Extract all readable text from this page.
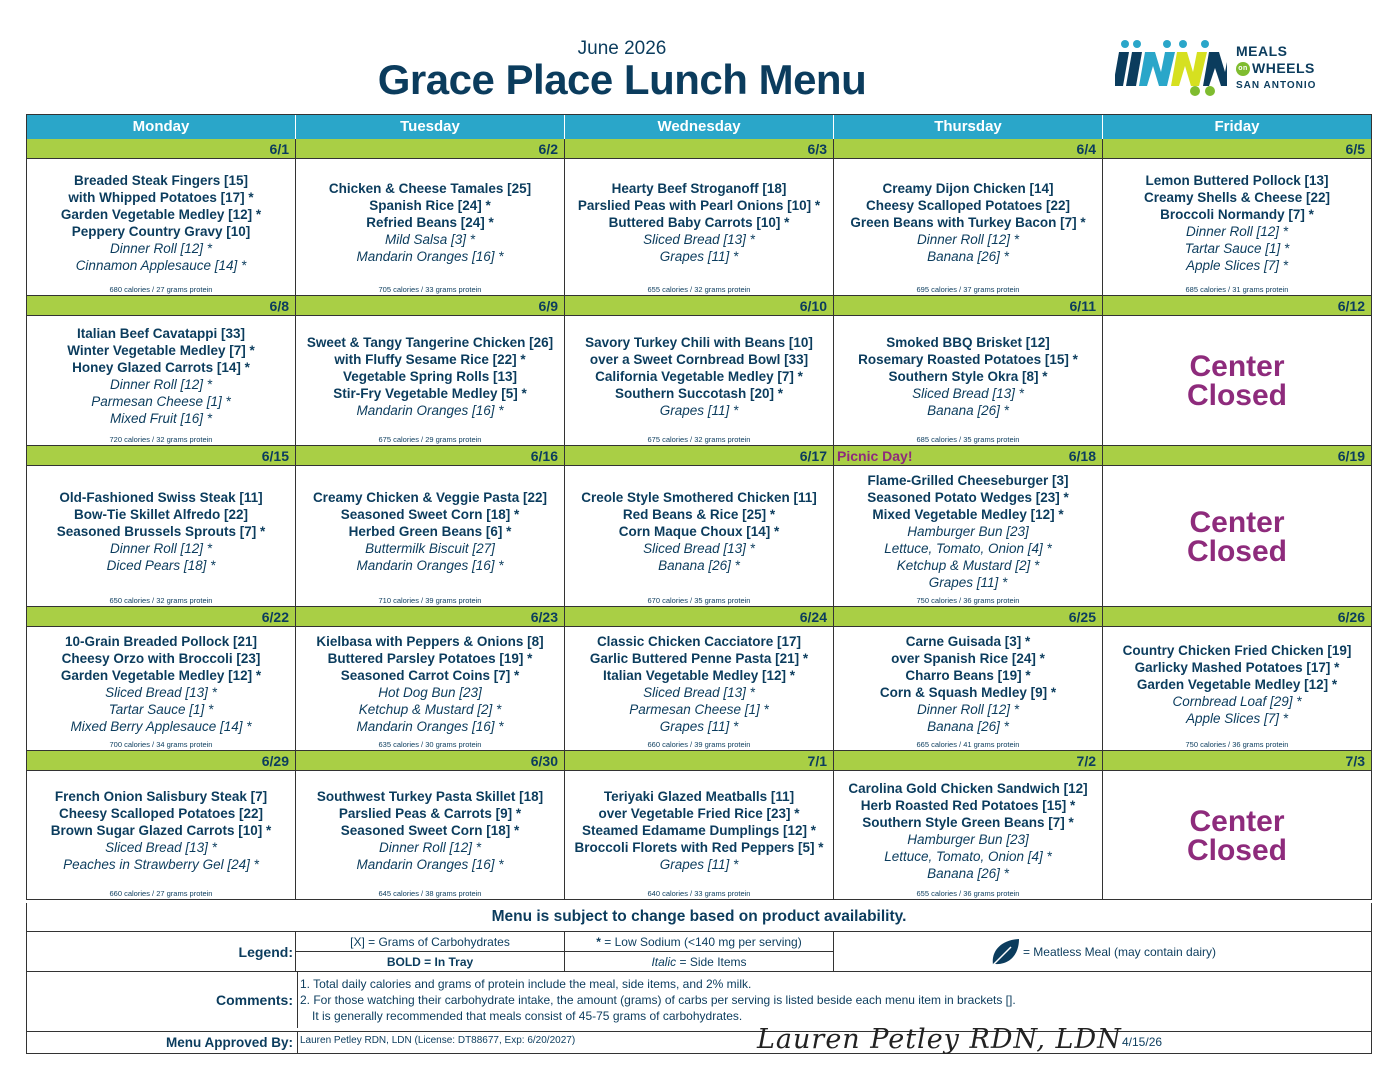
June 2026
Grace Place Lunch Menu
MEALS
on WHEELS
SAN ANTONIO
Monday	Tuesday	Wednesday	Thursday	Friday
6/1
Breaded Steak Fingers [15]
with Whipped Potatoes [17] *
Garden Vegetable Medley [12] *
Peppery Country Gravy [10]
Dinner Roll [12] *
Cinnamon Applesauce [14] *
680 calories / 27 grams protein
6/2
Chicken & Cheese Tamales [25]
Spanish Rice [24] *
Refried Beans [24] *
Mild Salsa [3] *
Mandarin Oranges [16] *
705 calories / 33 grams protein
6/3
Hearty Beef Stroganoff [18]
Parslied Peas with Pearl Onions [10] *
Buttered Baby Carrots [10] *
Sliced Bread [13] *
Grapes [11] *
655 calories / 32 grams protein
6/4
Creamy Dijon Chicken [14]
Cheesy Scalloped Potatoes [22]
Green Beans with Turkey Bacon [7] *
Dinner Roll [12] *
Banana [26] *
695 calories / 37 grams protein
6/5
Lemon Buttered Pollock [13]
Creamy Shells & Cheese [22]
Broccoli Normandy [7] *
Dinner Roll [12] *
Tartar Sauce [1] *
Apple Slices [7] *
685 calories / 31 grams protein
6/8
Italian Beef Cavatappi [33]
Winter Vegetable Medley [7] *
Honey Glazed Carrots [14] *
Dinner Roll [12] *
Parmesan Cheese [1] *
Mixed Fruit [16] *
720 calories / 32 grams protein
6/9
Sweet & Tangy Tangerine Chicken [26]
with Fluffy Sesame Rice [22] *
Vegetable Spring Rolls [13]
Stir-Fry Vegetable Medley [5] *
Mandarin Oranges [16] *
675 calories / 29 grams protein
6/10
Savory Turkey Chili with Beans [10]
over a Sweet Cornbread Bowl [33]
California Vegetable Medley [7] *
Southern Succotash [20] *
Grapes [11] *
675 calories / 32 grams protein
6/11
Smoked BBQ Brisket [12]
Rosemary Roasted Potatoes [15] *
Southern Style Okra [8] *
Sliced Bread [13] *
Banana [26] *
685 calories / 35 grams protein
6/12
Center
Closed
6/15
Old-Fashioned Swiss Steak [11]
Bow-Tie Skillet Alfredo [22]
Seasoned Brussels Sprouts [7] *
Dinner Roll [12] *
Diced Pears [18] *
650 calories / 32 grams protein
6/16
Creamy Chicken & Veggie Pasta [22]
Seasoned Sweet Corn [18] *
Herbed Green Beans [6] *
Buttermilk Biscuit [27]
Mandarin Oranges [16] *
710 calories / 39 grams protein
6/17
Creole Style Smothered Chicken [11]
Red Beans & Rice [25] *
Corn Maque Choux [14] *
Sliced Bread [13] *
Banana [26] *
670 calories / 35 grams protein
Picnic Day!	6/18
Flame-Grilled Cheeseburger [3]
Seasoned Potato Wedges [23] *
Mixed Vegetable Medley [12] *
Hamburger Bun [23]
Lettuce, Tomato, Onion [4] *
Ketchup & Mustard [2] *
Grapes [11] *
750 calories / 36 grams protein
6/19
Center
Closed
6/22
10-Grain Breaded Pollock [21]
Cheesy Orzo with Broccoli [23]
Garden Vegetable Medley [12] *
Sliced Bread [13] *
Tartar Sauce [1] *
Mixed Berry Applesauce [14] *
700 calories / 34 grams protein
6/23
Kielbasa with Peppers & Onions [8]
Buttered Parsley Potatoes [19] *
Seasoned Carrot Coins [7] *
Hot Dog Bun [23]
Ketchup & Mustard [2] *
Mandarin Oranges [16] *
635 calories / 30 grams protein
6/24
Classic Chicken Cacciatore [17]
Garlic Buttered Penne Pasta [21] *
Italian Vegetable Medley [12] *
Sliced Bread [13] *
Parmesan Cheese [1] *
Grapes [11] *
660 calories / 39 grams protein
6/25
Carne Guisada [3] *
over Spanish Rice [24] *
Charro Beans [19] *
Corn & Squash Medley [9] *
Dinner Roll [12] *
Banana [26] *
665 calories / 41 grams protein
6/26
Country Chicken Fried Chicken [19]
Garlicky Mashed Potatoes [17] *
Garden Vegetable Medley [12] *
Cornbread Loaf [29] *
Apple Slices [7] *
750 calories / 36 grams protein
6/29
French Onion Salisbury Steak [7]
Cheesy Scalloped Potatoes [22]
Brown Sugar Glazed Carrots [10] *
Sliced Bread [13] *
Peaches in Strawberry Gel [24] *
660 calories / 27 grams protein
6/30
Southwest Turkey Pasta Skillet [18]
Parslied Peas & Carrots [9] *
Seasoned Sweet Corn [18] *
Dinner Roll [12] *
Mandarin Oranges [16] *
645 calories / 38 grams protein
7/1
Teriyaki Glazed Meatballs [11]
over Vegetable Fried Rice [23] *
Steamed Edamame Dumplings [12] *
Broccoli Florets with Red Peppers [5] *
Grapes [11] *
640 calories / 33 grams protein
7/2
Carolina Gold Chicken Sandwich [12]
Herb Roasted Red Potatoes [15] *
Southern Style Green Beans [7] *
Hamburger Bun [23]
Lettuce, Tomato, Onion [4] *
Banana [26] *
655 calories / 36 grams protein
7/3
Center
Closed
Menu is subject to change based on product availability.
Legend:
[X] = Grams of Carbohydrates	* = Low Sodium (<140 mg per serving)
BOLD = In Tray	Italic = Side Items
= Meatless Meal (may contain dairy)
Comments:
1. Total daily calories and grams of protein include the meal, side items, and 2% milk.
2. For those watching their carbohydrate intake, the amount (grams) of carbs per serving is listed beside each menu item in brackets [].
It is generally recommended that meals consist of 45-75 grams of carbohydrates.
Menu Approved By: Lauren Petley RDN, LDN (License: DT88677, Exp: 6/20/2027)	Lauren Petley RDN, LDN 4/15/26
